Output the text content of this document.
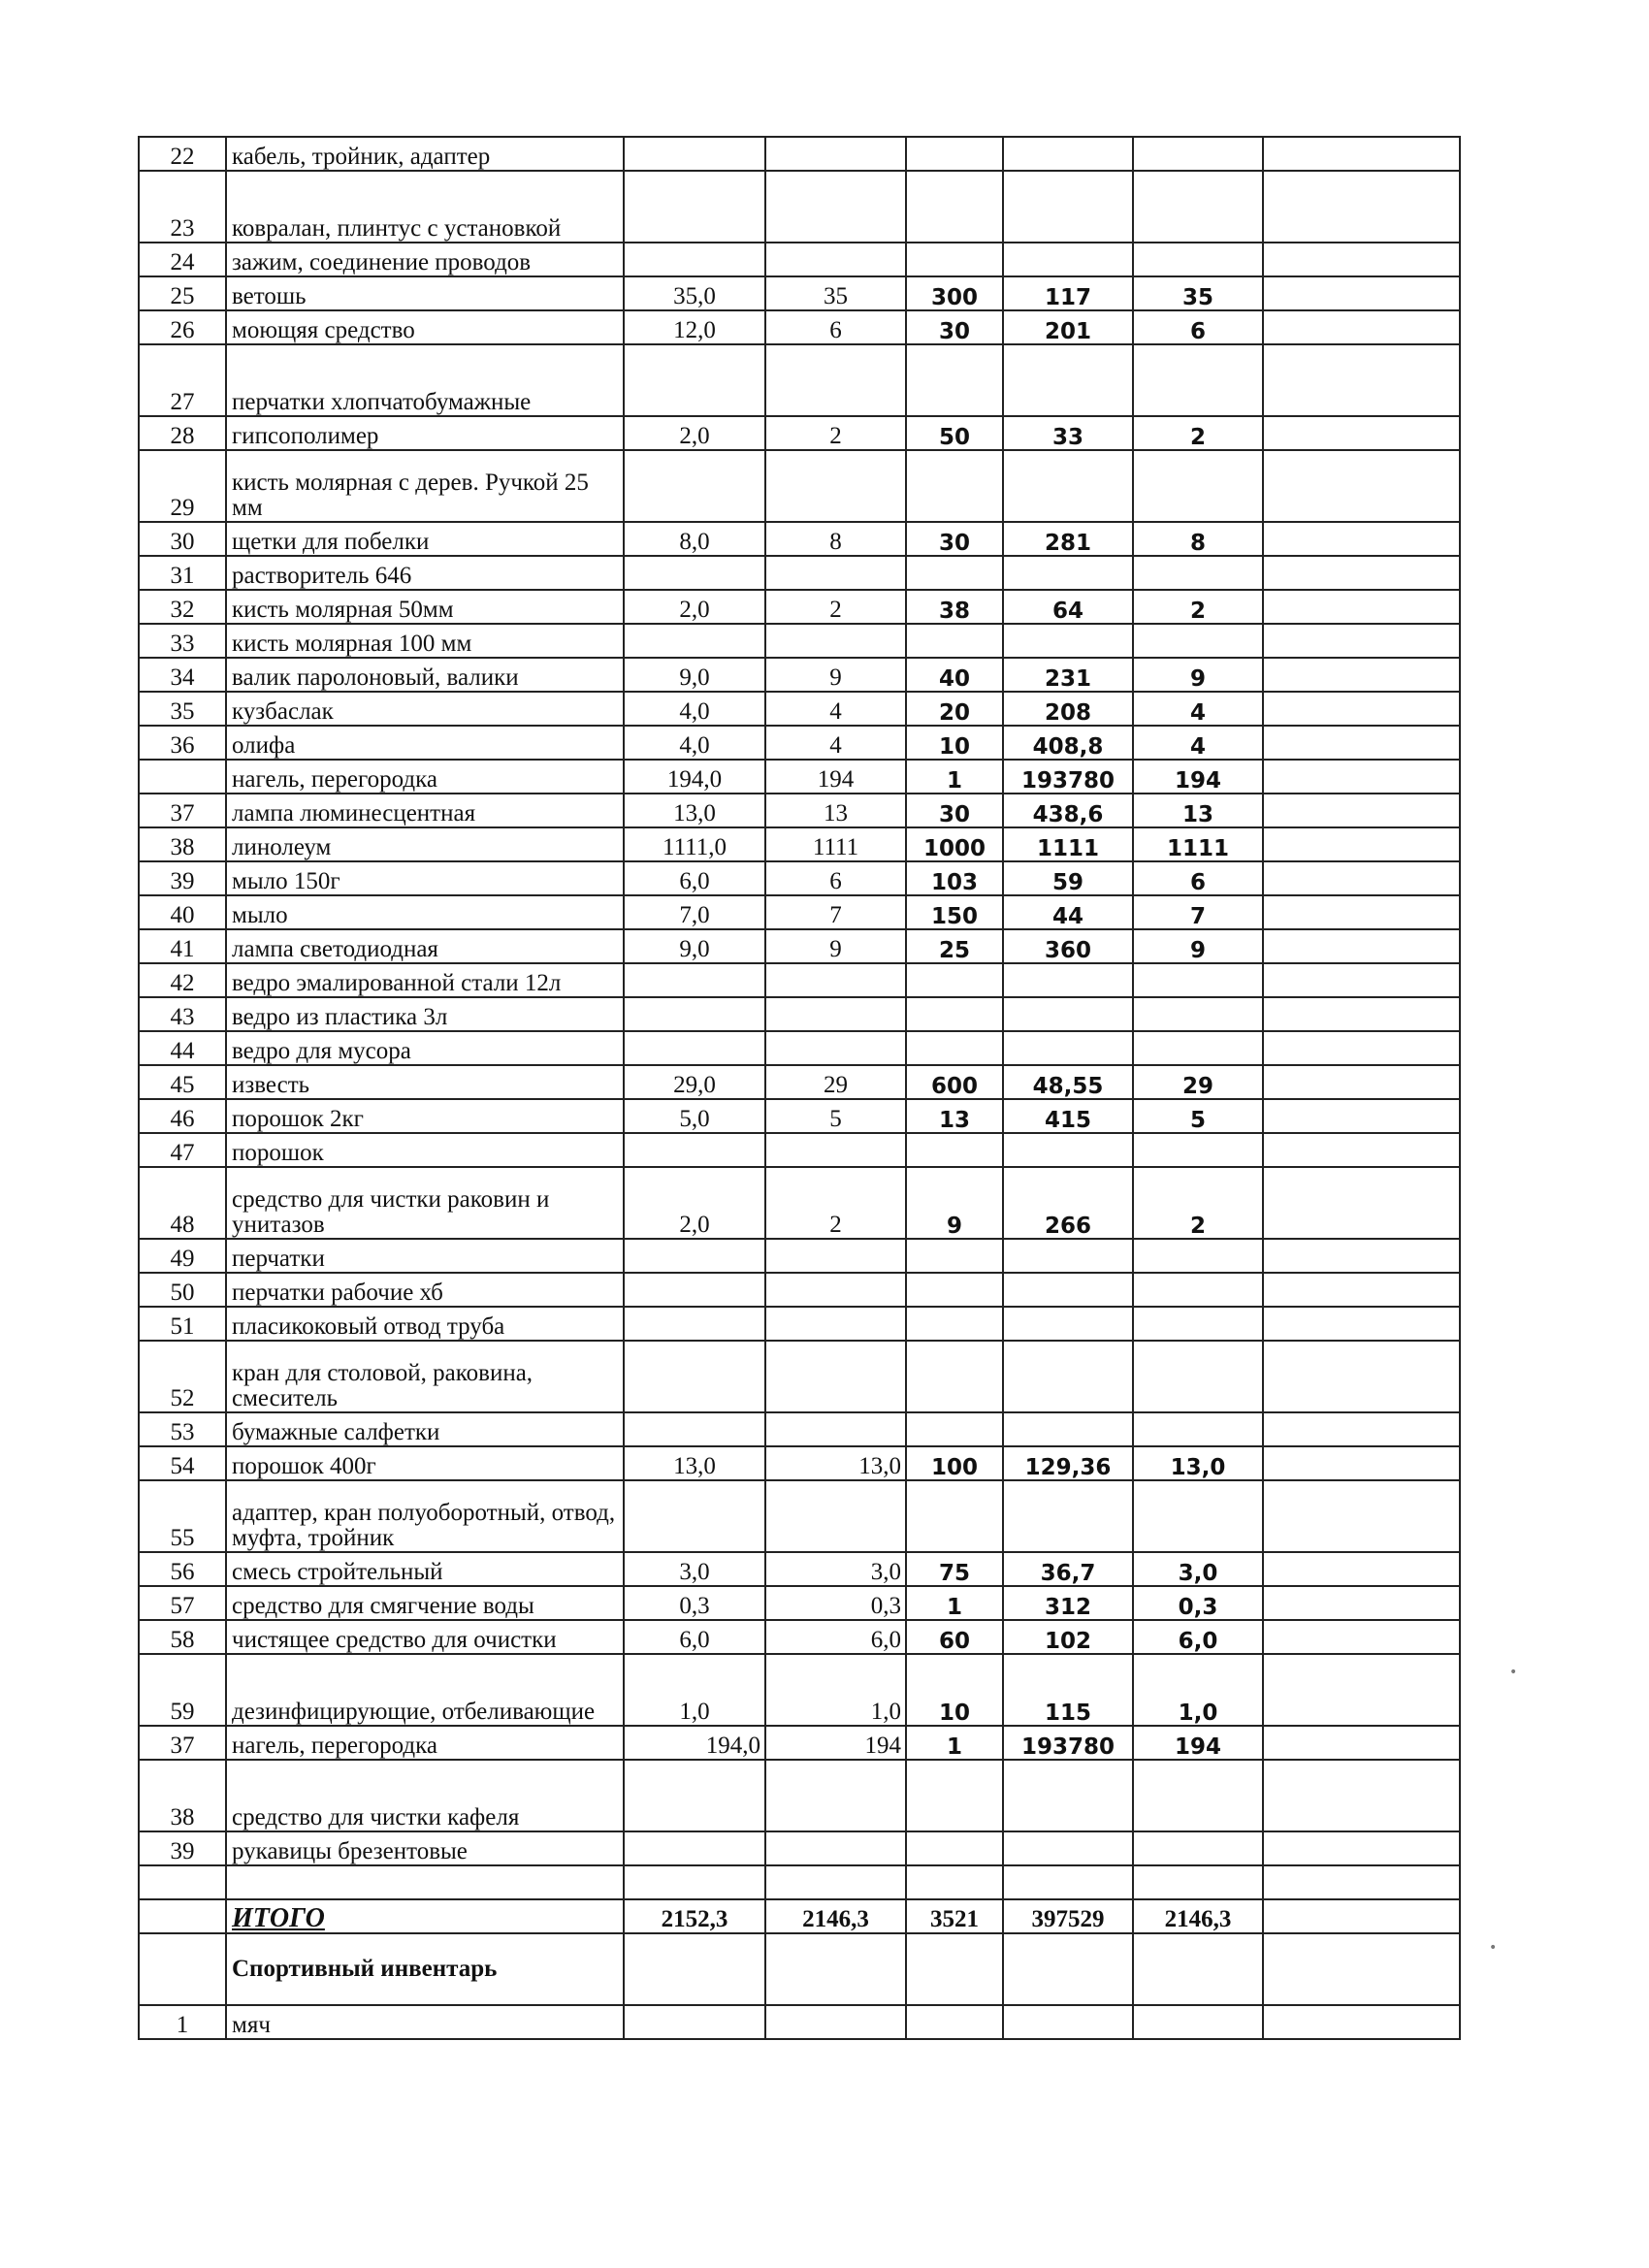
22	кабель, тройник, адаптер						
23	ковралан, плинтус с установкой						
24	зажим, соединение проводов						
25	ветошь	35,0	35	300	117	35	
26	моющяя средство	12,0	6	30	201	6	
27	перчатки хлопчатобумажные						
28	гипсополимер	2,0	2	50	33	2	
29	кисть молярная с дерев. Ручкой 25 мм						
30	щетки для побелки	8,0	8	30	281	8	
31	растворитель 646						
32	кисть молярная 50мм	2,0	2	38	64	2	
33	кисть молярная 100 мм						
34	валик паролоновый, валики	9,0	9	40	231	9	
35	кузбаслак	4,0	4	20	208	4	
36	олифа	4,0	4	10	408,8	4	
	нагель, перегородка	194,0	194	1	193780	194	
37	лампа люминесцентная	13,0	13	30	438,6	13	
38	линолеум	1111,0	1111	1000	1111	1111	
39	мыло 150г	6,0	6	103	59	6	
40	мыло	7,0	7	150	44	7	
41	лампа светодиодная	9,0	9	25	360	9	
42	ведро эмалированной стали 12л						
43	ведро из пластика 3л						
44	ведро для мусора						
45	известь	29,0	29	600	48,55	29	
46	порошок 2кг	5,0	5	13	415	5	
47	порошок						
48	средство для чистки раковин и унитазов	2,0	2	9	266	2	
49	перчатки						
50	перчатки рабочие хб						
51	пласикоковый отвод труба						
52	кран для столовой, раковина, смеситель						
53	бумажные салфетки						
54	порошок 400г	13,0	13,0	100	129,36	13,0	
55	адаптер, кран полуоборотный, отвод, муфта, тройник						
56	смесь стройтельный	3,0	3,0	75	36,7	3,0	
57	средство для смягчение воды	0,3	0,3	1	312	0,3	
58	чистящее средство для очистки	6,0	6,0	60	102	6,0	
59	дезинфицирующие, отбеливающие	1,0	1,0	10	115	1,0	
37	нагель, перегородка	194,0	194	1	193780	194	
38	средство для чистки кафеля						
39	рукавицы брезентовые						

	ИТОГО	2152,3	2146,3	3521	397529	2146,3	
	Спортивный инвентарь						
1	мяч						
•
•
